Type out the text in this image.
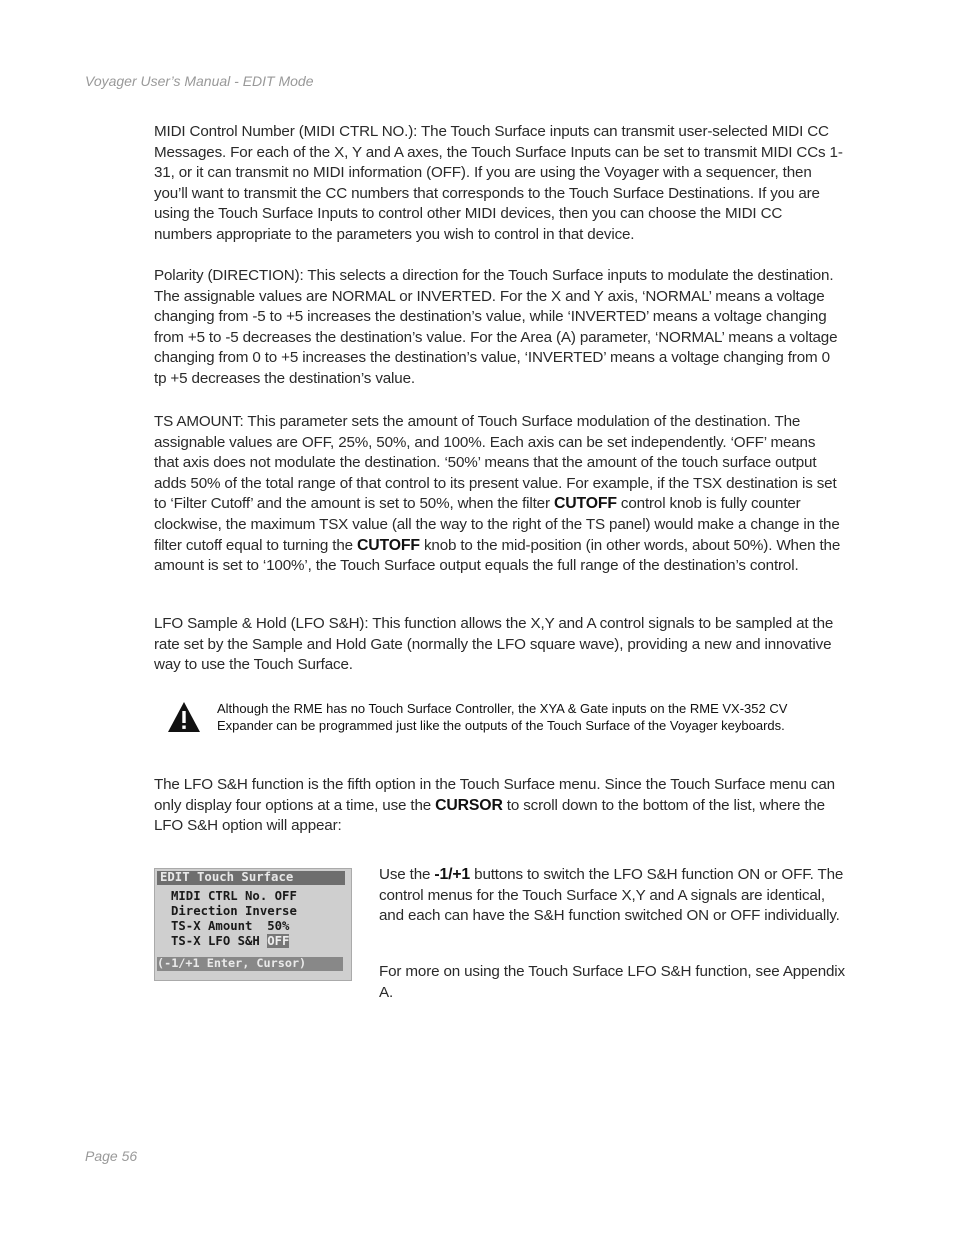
Voyager User’s Manual - EDIT Mode

MIDI Control Number (MIDI CTRL NO.): The Touch Surface inputs can transmit user-selected MIDI CC Messages. For each of the X, Y and A axes, the Touch Surface Inputs can be set to transmit MIDI CCs 1-31, or it can transmit no MIDI information (OFF). If you are using the Voyager with a sequencer, then you’ll want to transmit the CC numbers that corresponds to the Touch Surface Destinations. If you are using the Touch Surface Inputs to control other MIDI devices, then you can choose the MIDI CC numbers appropriate to the parameters you wish to control in that device.

Polarity (DIRECTION): This selects a direction for the Touch Surface inputs to modulate the destination. The assignable values are NORMAL or INVERTED. For the X and Y axis, ‘NORMAL’ means a voltage changing from -5 to +5 increases the destination’s value, while ‘INVERTED’ means a voltage changing from +5 to -5 decreases the destination’s value. For the Area (A) parameter, ‘NORMAL’ means a voltage changing from 0 to +5 increases the destination’s value, ‘INVERTED’ means a voltage changing from 0 tp +5 decreases the destination’s value.

TS AMOUNT: This parameter sets the amount of Touch Surface modulation of the destination. The assignable values are OFF, 25%, 50%, and 100%. Each axis can be set independently. ‘OFF’ means that axis does not modulate the destination. ‘50%’ means that the amount of the touch surface output adds 50% of the total range of that control to its present value. For example, if the TSX destination is set to ‘Filter Cutoff’ and the amount is set to 50%, when the filter CUTOFF control knob is fully counter clockwise, the maximum TSX value (all the way to the right of the TS panel) would make a change in the filter cutoff equal to turning the CUTOFF knob to the mid-position (in other words, about 50%). When the amount is set to ‘100%’, the Touch Surface output equals the full range of the destination’s control.

LFO Sample & Hold (LFO S&H): This function allows the X,Y and A control signals to be sampled at the rate set by the Sample and Hold Gate (normally the LFO square wave), providing a new and innovative way to use the Touch Surface.

Although the RME has no Touch Surface Controller, the XYA & Gate inputs on the RME VX-352 CV Expander can be programmed just like the outputs of the Touch Surface of the Voyager keyboards.

The LFO S&H function is the fifth option in the Touch Surface menu. Since the Touch Surface menu can only display four options at a time, use the CURSOR to scroll down to the bottom of the list, where the LFO S&H option will appear:

EDIT Touch Surface
MIDI CTRL No. OFF
Direction Inverse
TS-X Amount  50%
TS-X LFO S&H OFF
(-1/+1 Enter, Cursor)

Use the -1/+1 buttons to switch the LFO S&H function ON or OFF. The control menus for the Touch Surface X,Y and A signals are identical, and each can have the S&H function switched ON or OFF individually.

For more on using the Touch Surface LFO S&H function, see Appendix A.

Page 56
